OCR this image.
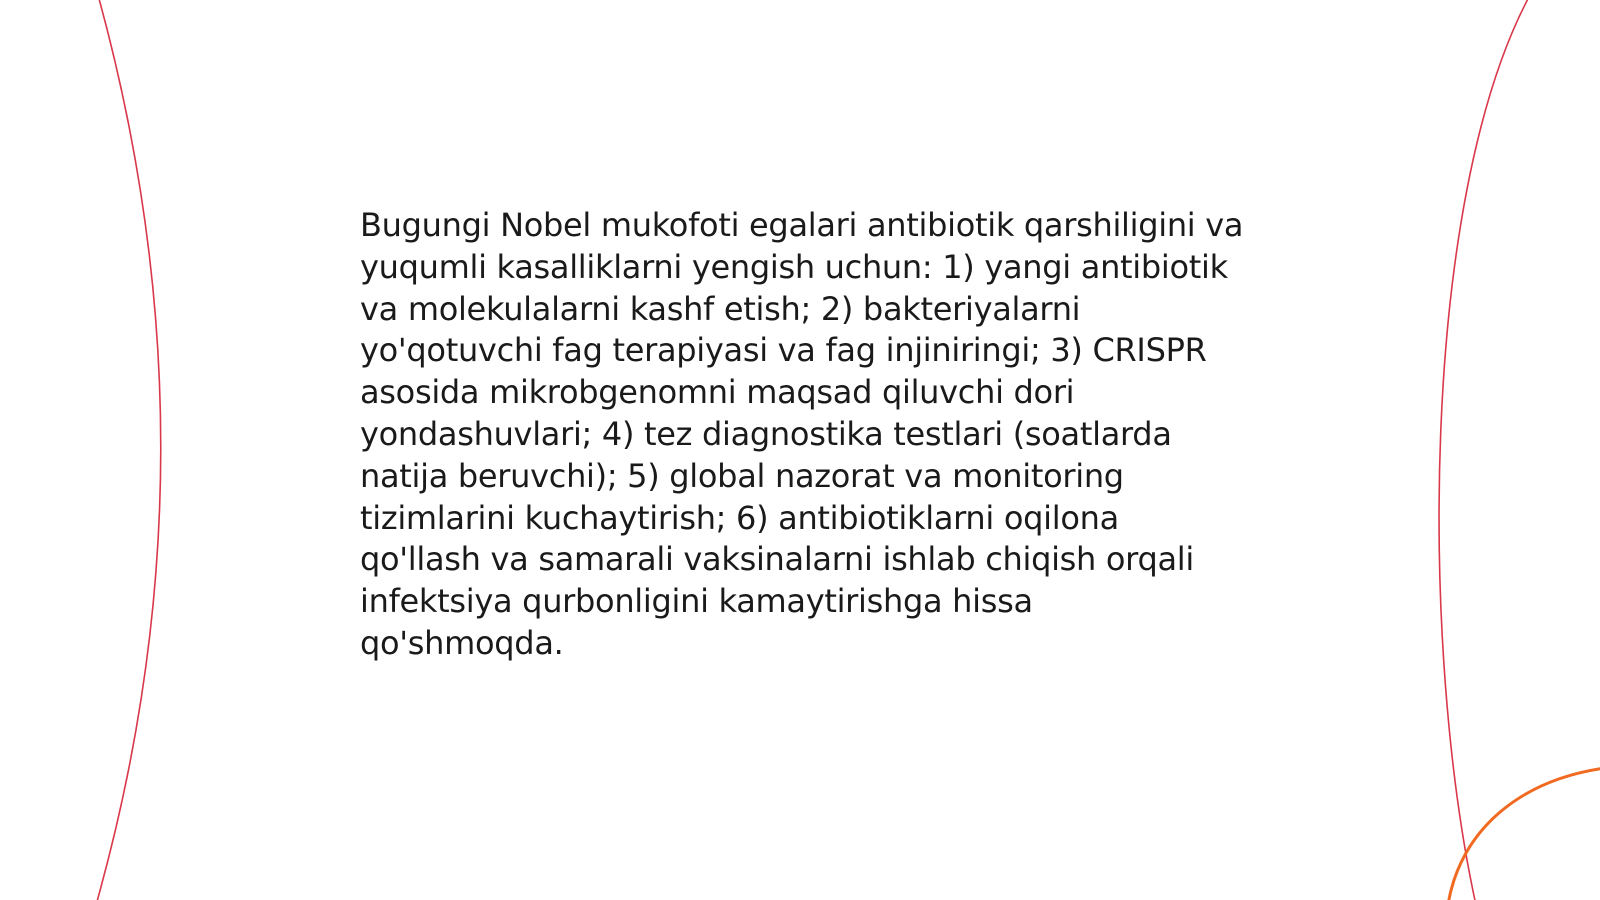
Bugungi Nobel mukofoti egalari antibiotik qarshiligini va yuqumli kasalliklarni yengish uchun: 1) yangi antibiotik va molekulalarni kashf etish; 2) bakteriyalarni yo'qotuvchi fag terapiyasi va fag injiniringi; 3) CRISPR asosida mikrobgenomni maqsad qiluvchi dori yondashuvlari; 4) tez diagnostika testlari (soatlarda natija beruvchi); 5) global nazorat va monitoring tizimlarini kuchaytirish; 6) antibiotiklarni oqilona qo'llash va samarali vaksinalarni ishlab chiqish orqali infektsiya qurbonligini kamaytirishga hissa qo'shmoqda.
